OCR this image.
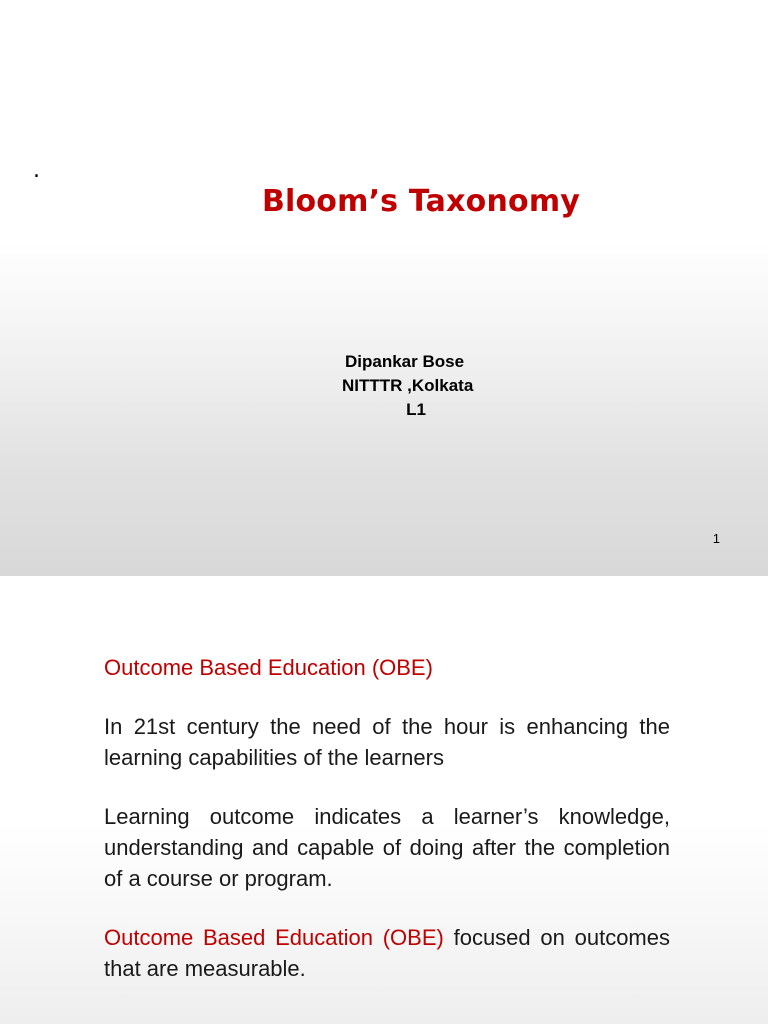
.
Bloom’s Taxonomy
Dipankar Bose
NITTTR ,Kolkata
L1
1

Outcome Based Education (OBE)

In 21st century the need of the hour is enhancing the learning capabilities of the learners

Learning outcome indicates a learner’s knowledge, understanding and capable of doing after the completion of a course or program.

Outcome Based Education (OBE) focused on outcomes that are measurable.
